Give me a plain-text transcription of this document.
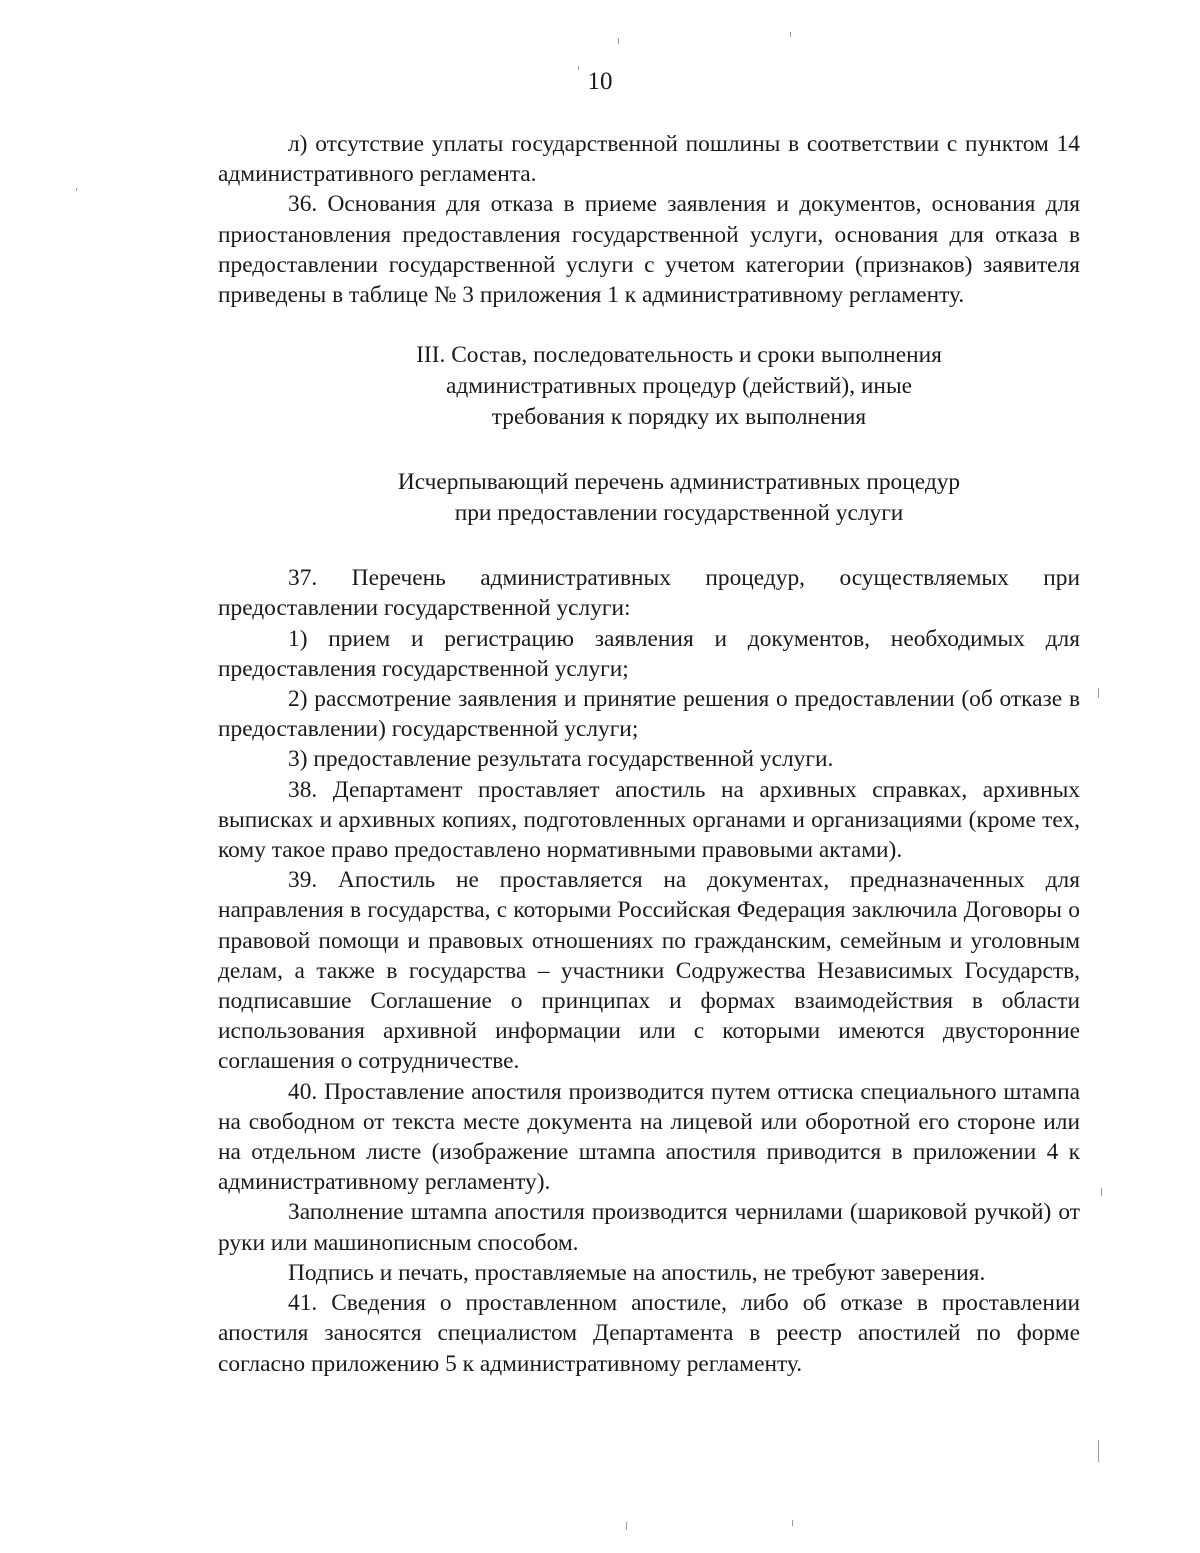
10

л) отсутствие уплаты государственной пошлины в соответствии с пунктом 14 административного регламента.

36. Основания для отказа в приеме заявления и документов, основания для приостановления предоставления государственной услуги, основания для отказа в предоставлении государственной услуги с учетом категории (признаков) заявителя приведены в таблице № 3 приложения 1 к административному регламенту.

III. Состав, последовательность и сроки выполнения

административных процедур (действий), иные

требования к порядку их выполнения

Исчерпывающий перечень административных процедур

при предоставлении государственной услуги

37. Перечень административных процедур, осуществляемых при предоставлении государственной услуги:

1) прием и регистрацию заявления и документов, необходимых для предоставления государственной услуги;

2) рассмотрение заявления и принятие решения о предоставлении (об отказе в предоставлении) государственной услуги;

3) предоставление результата государственной услуги.

38. Департамент проставляет апостиль на архивных справках, архивных выписках и архивных копиях, подготовленных органами и организациями (кроме тех, кому такое право предоставлено нормативными правовыми актами).

39. Апостиль не проставляется на документах, предназначенных для направления в государства, с которыми Российская Федерация заключила Договоры о правовой помощи и правовых отношениях по гражданским, семейным и уголовным делам, а также в государства – участники Содружества Независимых Государств, подписавшие Соглашение о принципах и формах взаимодействия в области использования архивной информации или с которыми имеются двусторонние соглашения о сотрудничестве.

40. Проставление апостиля производится путем оттиска специального штампа на свободном от текста месте документа на лицевой или оборотной его стороне или на отдельном листе (изображение штампа апостиля приводится в приложении 4 к административному регламенту).

Заполнение штампа апостиля производится чернилами (шариковой ручкой) от руки или машинописным способом.

Подпись и печать, проставляемые на апостиль, не требуют заверения.

41. Сведения о проставленном апостиле, либо об отказе в проставлении апостиля заносятся специалистом Департамента в реестр апостилей по форме согласно приложению 5 к административному регламенту.
